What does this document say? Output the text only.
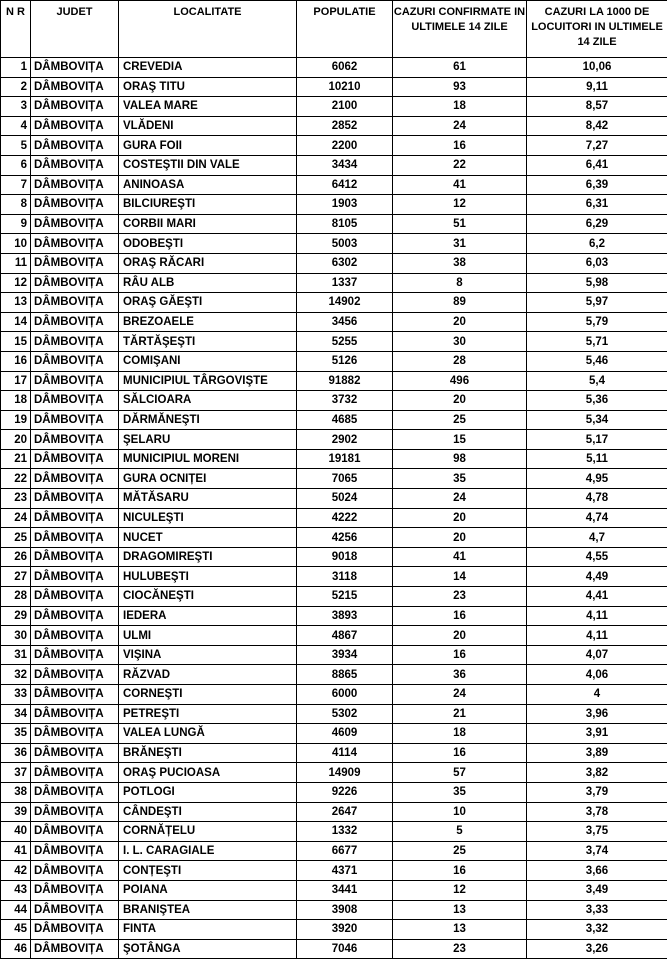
N R	JUDET	LOCALITATE	POPULATIE	CAZURI CONFIRMATE IN ULTIMELE 14 ZILE	CAZURI LA 1000 DE LOCUITORI IN ULTIMELE 14 ZILE
1	DÂMBOVIȚA	CREVEDIA	6062	61	10,06
2	DÂMBOVIȚA	ORAŞ TITU	10210	93	9,11
3	DÂMBOVIȚA	VALEA MARE	2100	18	8,57
4	DÂMBOVIȚA	VLĂDENI	2852	24	8,42
5	DÂMBOVIȚA	GURA FOII	2200	16	7,27
6	DÂMBOVIȚA	COSTEŞTII DIN VALE	3434	22	6,41
7	DÂMBOVIȚA	ANINOASA	6412	41	6,39
8	DÂMBOVIȚA	BILCIUREŞTI	1903	12	6,31
9	DÂMBOVIȚA	CORBII MARI	8105	51	6,29
10	DÂMBOVIȚA	ODOBEŞTI	5003	31	6,2
11	DÂMBOVIȚA	ORAŞ RĂCARI	6302	38	6,03
12	DÂMBOVIȚA	RÂU ALB	1337	8	5,98
13	DÂMBOVIȚA	ORAŞ GĂEŞTI	14902	89	5,97
14	DÂMBOVIȚA	BREZOAELE	3456	20	5,79
15	DÂMBOVIȚA	TĂRTĂŞEŞTI	5255	30	5,71
16	DÂMBOVIȚA	COMIŞANI	5126	28	5,46
17	DÂMBOVIȚA	MUNICIPIUL TÂRGOVIŞTE	91882	496	5,4
18	DÂMBOVIȚA	SĂLCIOARA	3732	20	5,36
19	DÂMBOVIȚA	DĂRMĂNEŞTI	4685	25	5,34
20	DÂMBOVIȚA	ŞELARU	2902	15	5,17
21	DÂMBOVIȚA	MUNICIPIUL MORENI	19181	98	5,11
22	DÂMBOVIȚA	GURA OCNIȚEI	7065	35	4,95
23	DÂMBOVIȚA	MĂTĂSARU	5024	24	4,78
24	DÂMBOVIȚA	NICULEŞTI	4222	20	4,74
25	DÂMBOVIȚA	NUCET	4256	20	4,7
26	DÂMBOVIȚA	DRAGOMIREŞTI	9018	41	4,55
27	DÂMBOVIȚA	HULUBEŞTI	3118	14	4,49
28	DÂMBOVIȚA	CIOCĂNEŞTI	5215	23	4,41
29	DÂMBOVIȚA	IEDERA	3893	16	4,11
30	DÂMBOVIȚA	ULMI	4867	20	4,11
31	DÂMBOVIȚA	VIŞINA	3934	16	4,07
32	DÂMBOVIȚA	RĂZVAD	8865	36	4,06
33	DÂMBOVIȚA	CORNEŞTI	6000	24	4
34	DÂMBOVIȚA	PETREŞTI	5302	21	3,96
35	DÂMBOVIȚA	VALEA LUNGĂ	4609	18	3,91
36	DÂMBOVIȚA	BRĂNEŞTI	4114	16	3,89
37	DÂMBOVIȚA	ORAŞ PUCIOASA	14909	57	3,82
38	DÂMBOVIȚA	POTLOGI	9226	35	3,79
39	DÂMBOVIȚA	CÂNDEŞTI	2647	10	3,78
40	DÂMBOVIȚA	CORNĂȚELU	1332	5	3,75
41	DÂMBOVIȚA	I. L. CARAGIALE	6677	25	3,74
42	DÂMBOVIȚA	CONȚEŞTI	4371	16	3,66
43	DÂMBOVIȚA	POIANA	3441	12	3,49
44	DÂMBOVIȚA	BRANIŞTEA	3908	13	3,33
45	DÂMBOVIȚA	FINTA	3920	13	3,32
46	DÂMBOVIȚA	ŞOTÂNGA	7046	23	3,26
